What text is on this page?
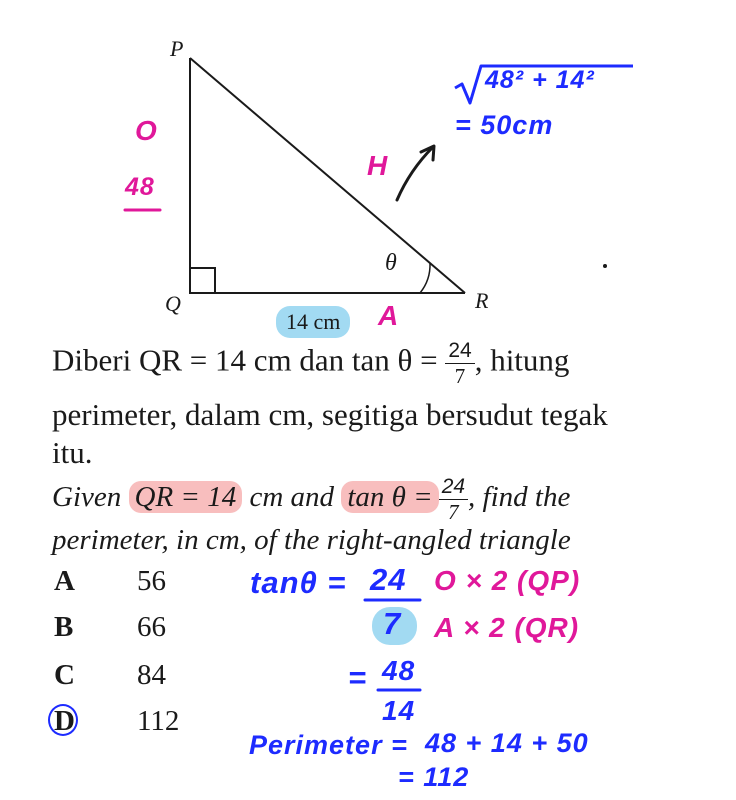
P
Q	R
θ
14 cm
O
48
H
A
48² + 14²
= 50cm
Diberi QR = 14 cm dan $\tan \theta = \frac{24}{7}$ , hitung
perimeter, dalam cm, segitiga bersudut tegak
itu.
Given QR = 14 cm and $\tan \theta = \frac{24}{7}$ , find the
perimeter, in cm, of the right-angled triangle
A 56
B 66
C 84
D 112
tanθ = 24
7
O × 2 (QP)
A × 2 (QR)
= 48
14
Perimeter = 48 + 14 + 50
= 112
